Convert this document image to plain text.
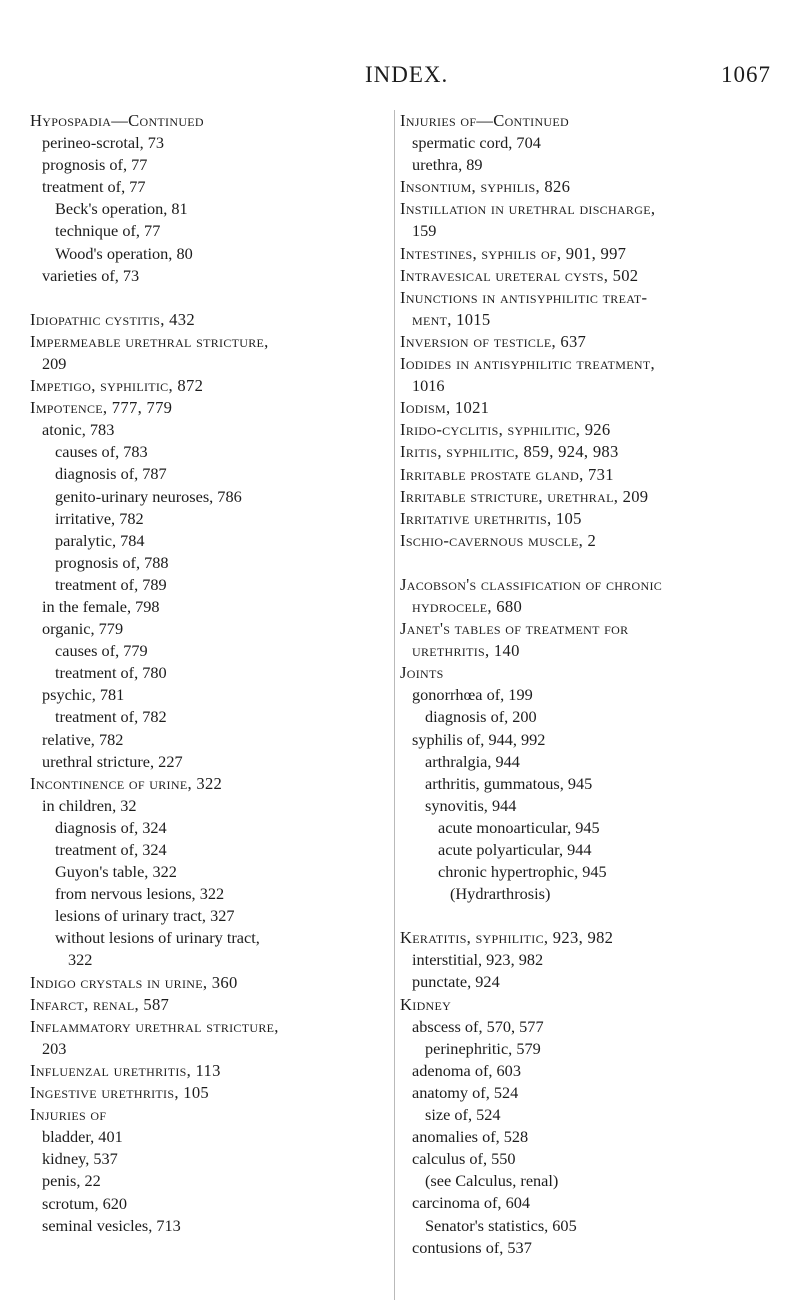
INDEX.	1067
Hypospadia—Continued
perineo-scrotal, 73
prognosis of, 77
treatment of, 77
Beck's operation, 81
technique of, 77
Wood's operation, 80
varieties of, 73
Idiopathic cystitis, 432
Impermeable urethral stricture,
209
Impetigo, syphilitic, 872
Impotence, 777, 779
atonic, 783
causes of, 783
diagnosis of, 787
genito-urinary neuroses, 786
irritative, 782
paralytic, 784
prognosis of, 788
treatment of, 789
in the female, 798
organic, 779
causes of, 779
treatment of, 780
psychic, 781
treatment of, 782
relative, 782
urethral stricture, 227
Incontinence of urine, 322
in children, 32
diagnosis of, 324
treatment of, 324
Guyon's table, 322
from nervous lesions, 322
lesions of urinary tract, 327
without lesions of urinary tract,
322
Indigo crystals in urine, 360
Infarct, renal, 587
Inflammatory urethral stricture,
203
Influenzal urethritis, 113
Ingestive urethritis, 105
Injuries of
bladder, 401
kidney, 537
penis, 22
scrotum, 620
seminal vesicles, 713
Injuries of—Continued
spermatic cord, 704
urethra, 89
Insontium, syphilis, 826
Instillation in urethral discharge,
159
Intestines, syphilis of, 901, 997
Intravesical ureteral cysts, 502
Inunctions in antisyphilitic treat-
ment, 1015
Inversion of testicle, 637
Iodides in antisyphilitic treatment,
1016
Iodism, 1021
Irido-cyclitis, syphilitic, 926
Iritis, syphilitic, 859, 924, 983
Irritable prostate gland, 731
Irritable stricture, urethral, 209
Irritative urethritis, 105
Ischio-cavernous muscle, 2
Jacobson's classification of chronic
hydrocele, 680
Janet's tables of treatment for
urethritis, 140
Joints
gonorrhœa of, 199
diagnosis of, 200
syphilis of, 944, 992
arthralgia, 944
arthritis, gummatous, 945
synovitis, 944
acute monoarticular, 945
acute polyarticular, 944
chronic hypertrophic, 945
(Hydrarthrosis)
Keratitis, syphilitic, 923, 982
interstitial, 923, 982
punctate, 924
Kidney
abscess of, 570, 577
perinephritic, 579
adenoma of, 603
anatomy of, 524
size of, 524
anomalies of, 528
calculus of, 550
(see Calculus, renal)
carcinoma of, 604
Senator's statistics, 605
contusions of, 537
